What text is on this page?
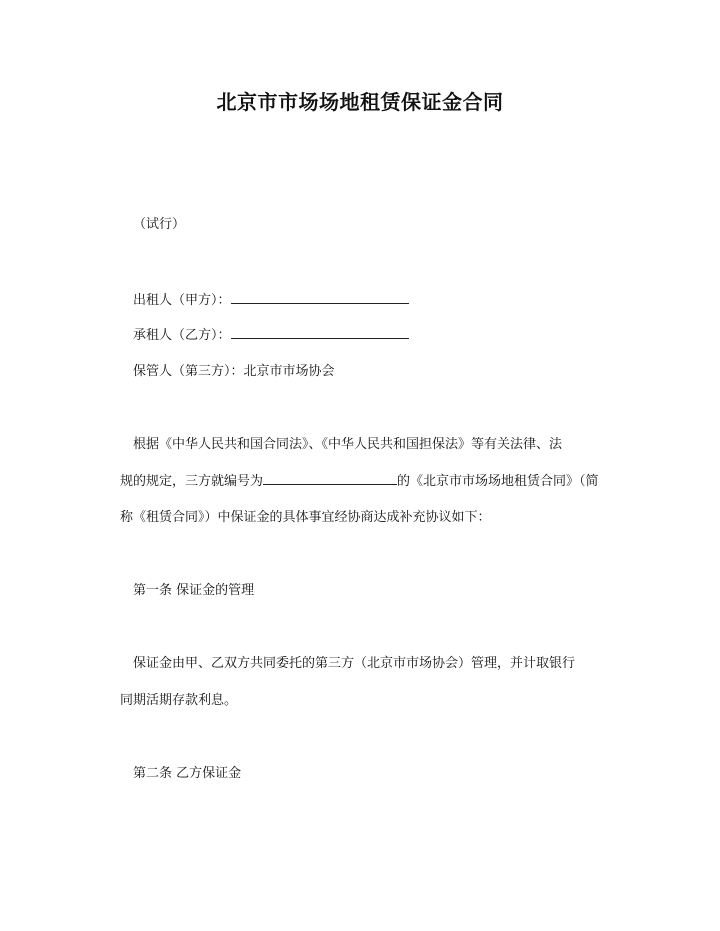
北京市市场场地租赁保证金合同
（试行）
出租人（甲方）：
承租人（乙方）：
保管人（第三方）：北京市市场协会
根据《中华人民共和国合同法》、《中华人民共和国担保法》等有关法律、法
规的规定，三方就编号为	的《北京市市场场地租赁合同》（简
称《租赁合同》）中保证金的具体事宜经协商达成补充协议如下：
第一条 保证金的管理
保证金由甲、乙双方共同委托的第三方（北京市市场协会）管理，并计取银行
同期活期存款利息。
第二条 乙方保证金
